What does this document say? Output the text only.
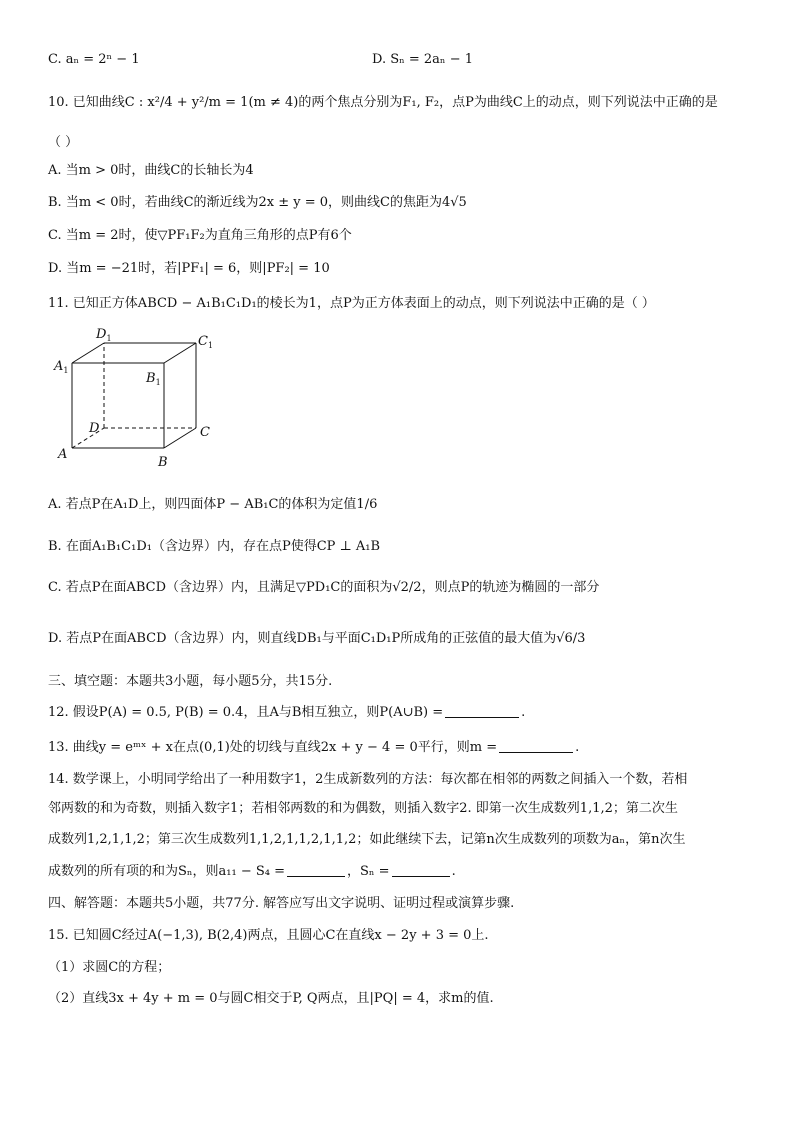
C. aₙ = 2ⁿ − 1	D. Sₙ = 2aₙ − 1
10. 已知曲线C : x²/4 + y²/m = 1(m ≠ 4)的两个焦点分别为F₁, F₂，点P为曲线C上的动点，则下列说法中正确的是
（ ）
A. 当m > 0时，曲线C的长轴长为4
B. 当m < 0时，若曲线C的渐近线为2x ± y = 0，则曲线C的焦距为4√5
C. 当m = 2时，使▽PF₁F₂为直角三角形的点P有6个
D. 当m = −21时，若|PF₁| = 6，则|PF₂| = 10
11. 已知正方体ABCD − A₁B₁C₁D₁的棱长为1，点P为正方体表面上的动点，则下列说法中正确的是（ ）
$D_1$	$C_1$
$A_1$
$B_1$
D	C
A
B
A. 若点P在A₁D上，则四面体P − AB₁C的体积为定值1/6
B. 在面A₁B₁C₁D₁（含边界）内，存在点P使得CP ⊥ A₁B
C. 若点P在面ABCD（含边界）内，且满足▽PD₁C的面积为√2/2，则点P的轨迹为椭圆的一部分
D. 若点P在面ABCD（含边界）内，则直线DB₁与平面C₁D₁P所成角的正弦值的最大值为√6/3
三、填空题：本题共3小题，每小题5分，共15分.
12. 假设P(A) = 0.5, P(B) = 0.4，且A与B相互独立，则P(A∪B) =	.
13. 曲线y = eᵐˣ + x在点(0,1)处的切线与直线2x + y − 4 = 0平行，则m =	.
14. 数学课上，小明同学给出了一种用数字1，2生成新数列的方法：每次都在相邻的两数之间插入一个数，若相
邻两数的和为奇数，则插入数字1；若相邻两数的和为偶数，则插入数字2. 即第一次生成数列1,1,2；第二次生
成数列1,2,1,1,2；第三次生成数列1,1,2,1,1,2,1,1,2；如此继续下去，记第n次生成数列的项数为aₙ，第n次生
成数列的所有项的和为Sₙ，则a₁₁ − S₄ =	，Sₙ =	.
四、解答题：本题共5小题，共77分. 解答应写出文字说明、证明过程或演算步骤.
15. 已知圆C经过A(−1,3), B(2,4)两点，且圆心C在直线x − 2y + 3 = 0上.
（1）求圆C的方程；
（2）直线3x + 4y + m = 0与圆C相交于P, Q两点，且|PQ| = 4，求m的值.
